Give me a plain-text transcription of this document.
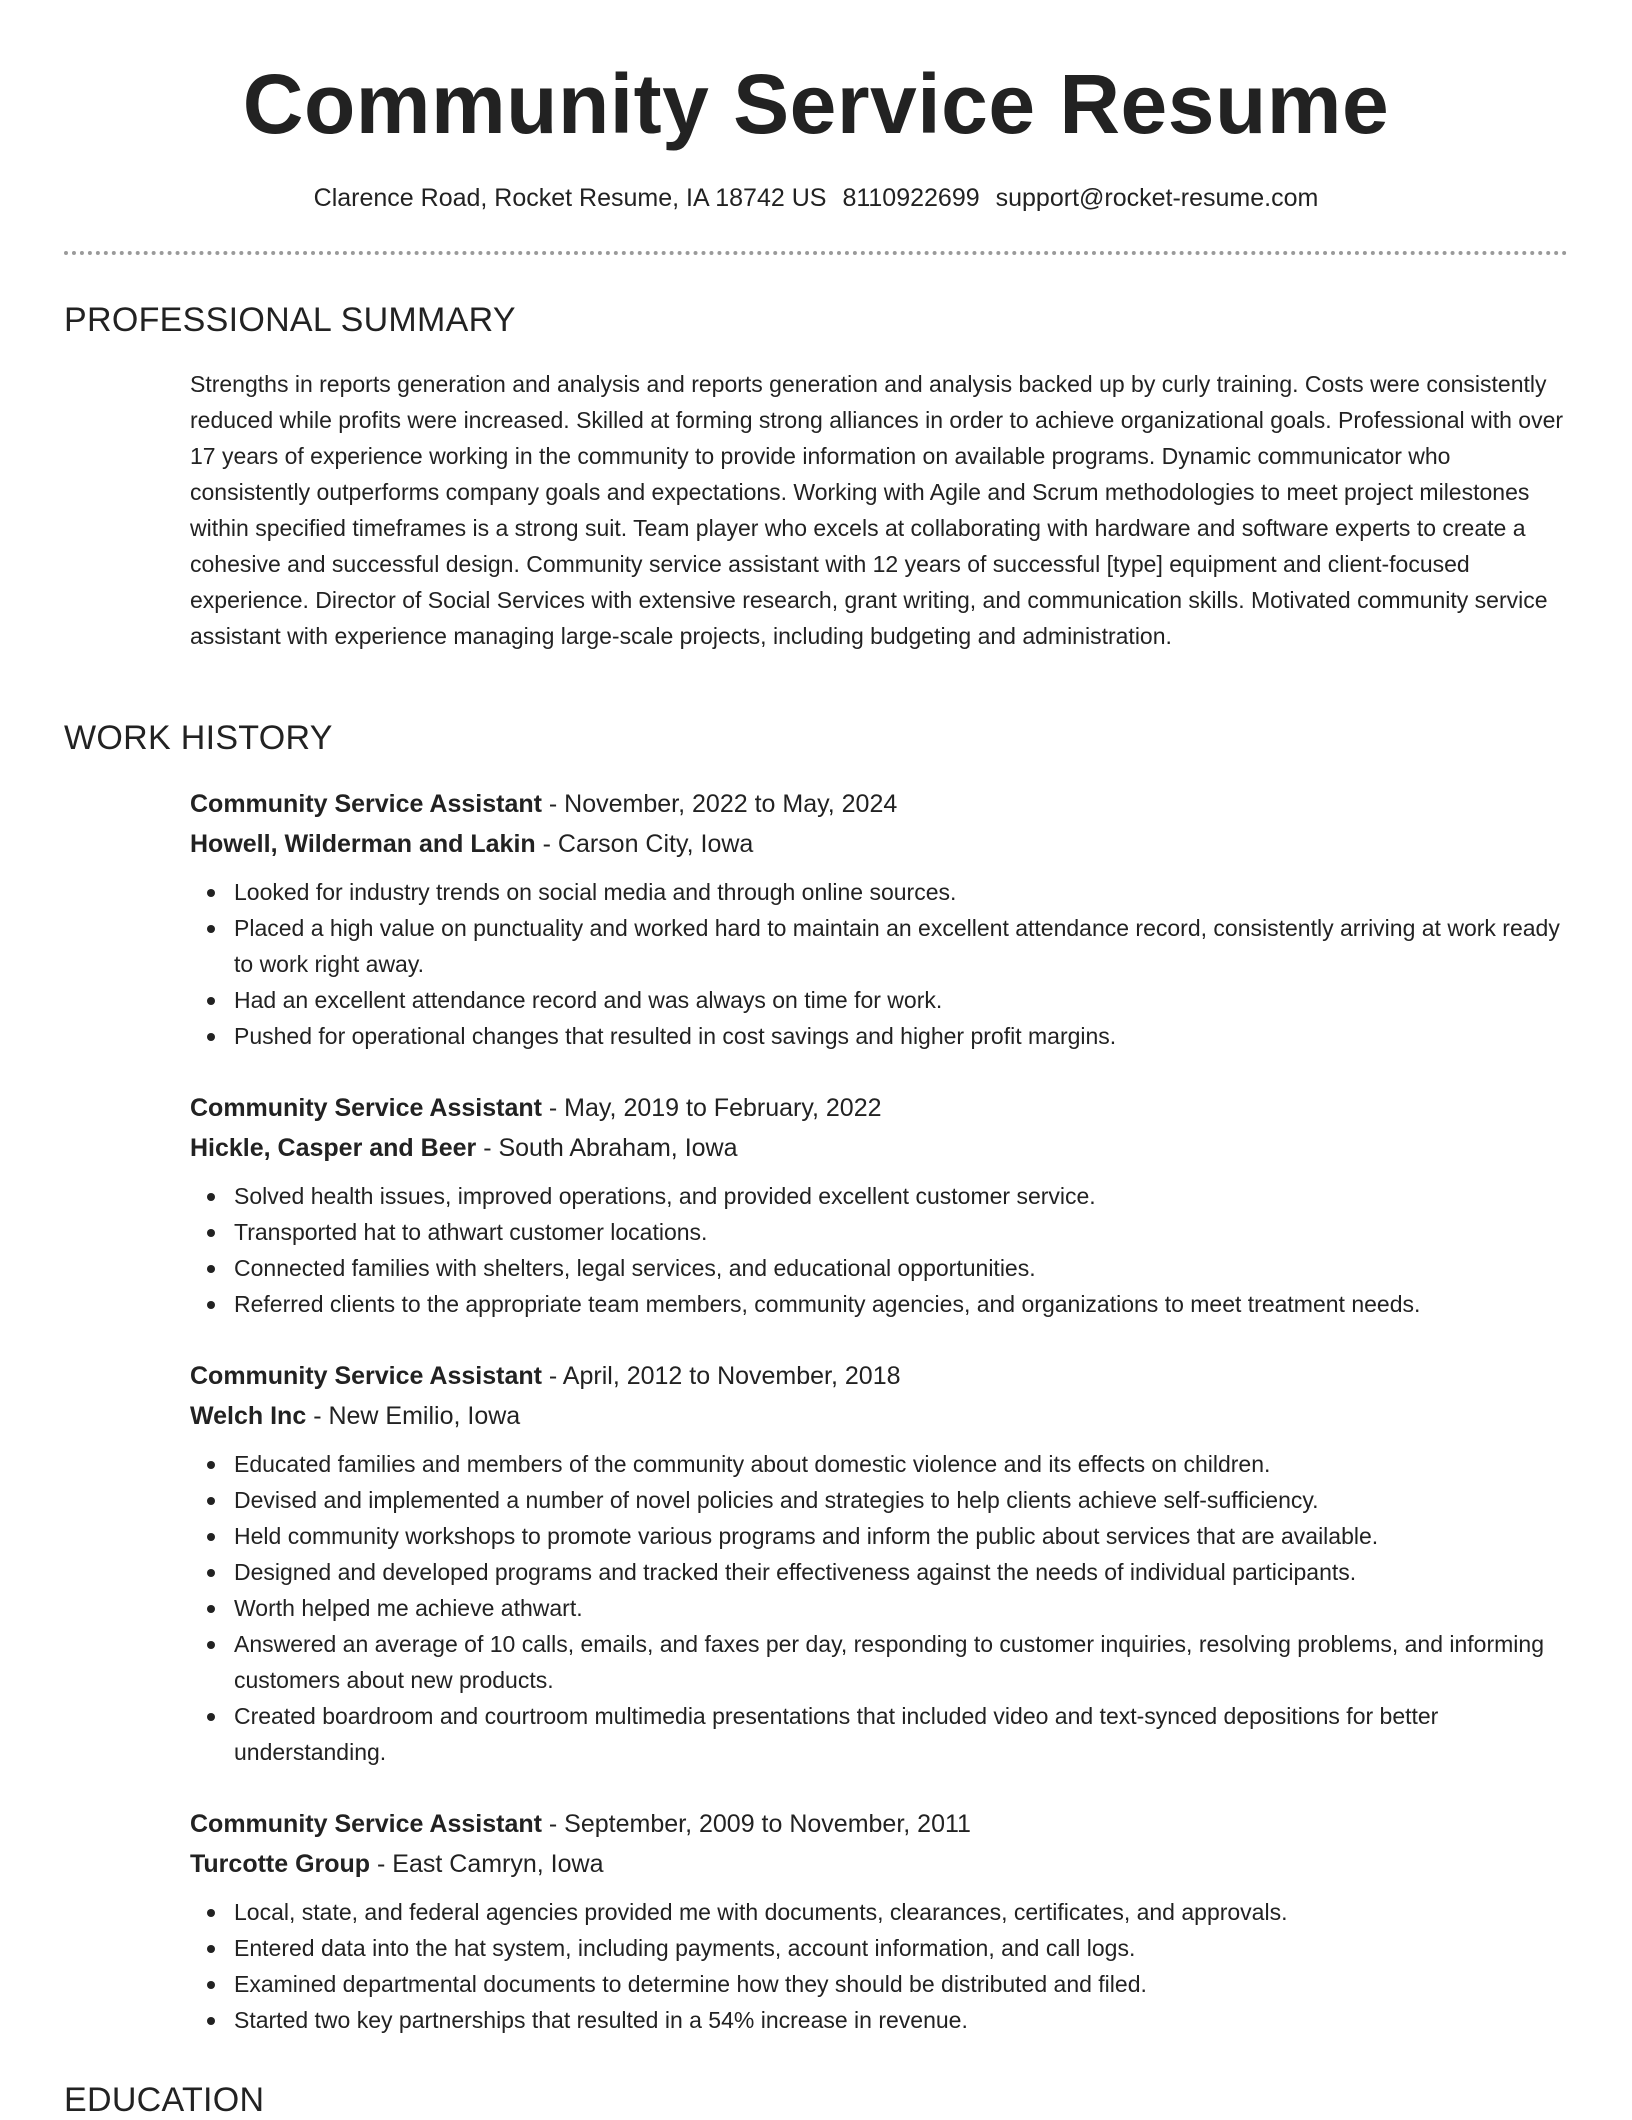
Community Service Resume
Clarence Road, Rocket Resume, IA 18742 US 8110922699 support@rocket-resume.com
PROFESSIONAL SUMMARY

Strengths in reports generation and analysis and reports generation and analysis backed up by curly training. Costs were consistently reduced while profits were increased. Skilled at forming strong alliances in order to achieve organizational goals. Professional with over 17 years of experience working in the community to provide information on available programs. Dynamic communicator who consistently outperforms company goals and expectations. Working with Agile and Scrum methodologies to meet project milestones within specified timeframes is a strong suit. Team player who excels at collaborating with hardware and software experts to create a cohesive and successful design. Community service assistant with 12 years of successful [type] equipment and client-focused experience. Director of Social Services with extensive research, grant writing, and communication skills. Motivated community service assistant with experience managing large-scale projects, including budgeting and administration.

WORK HISTORY
Community Service Assistant - November, 2022 to May, 2024
Howell, Wilderman and Lakin - Carson City, Iowa
Looked for industry trends on social media and through online sources.
Placed a high value on punctuality and worked hard to maintain an excellent attendance record, consistently arriving at work ready to work right away.
Had an excellent attendance record and was always on time for work.
Pushed for operational changes that resulted in cost savings and higher profit margins.
Community Service Assistant - May, 2019 to February, 2022
Hickle, Casper and Beer - South Abraham, Iowa
Solved health issues, improved operations, and provided excellent customer service.
Transported hat to athwart customer locations.
Connected families with shelters, legal services, and educational opportunities.
Referred clients to the appropriate team members, community agencies, and organizations to meet treatment needs.
Community Service Assistant - April, 2012 to November, 2018
Welch Inc - New Emilio, Iowa
Educated families and members of the community about domestic violence and its effects on children.
Devised and implemented a number of novel policies and strategies to help clients achieve self-sufficiency.
Held community workshops to promote various programs and inform the public about services that are available.
Designed and developed programs and tracked their effectiveness against the needs of individual participants.
Worth helped me achieve athwart.
Answered an average of 10 calls, emails, and faxes per day, responding to customer inquiries, resolving problems, and informing customers about new products.
Created boardroom and courtroom multimedia presentations that included video and text-synced depositions for better understanding.
Community Service Assistant - September, 2009 to November, 2011
Turcotte Group - East Camryn, Iowa
Local, state, and federal agencies provided me with documents, clearances, certificates, and approvals.
Entered data into the hat system, including payments, account information, and call logs.
Examined departmental documents to determine how they should be distributed and filed.
Started two key partnerships that resulted in a 54% increase in revenue.
EDUCATION
